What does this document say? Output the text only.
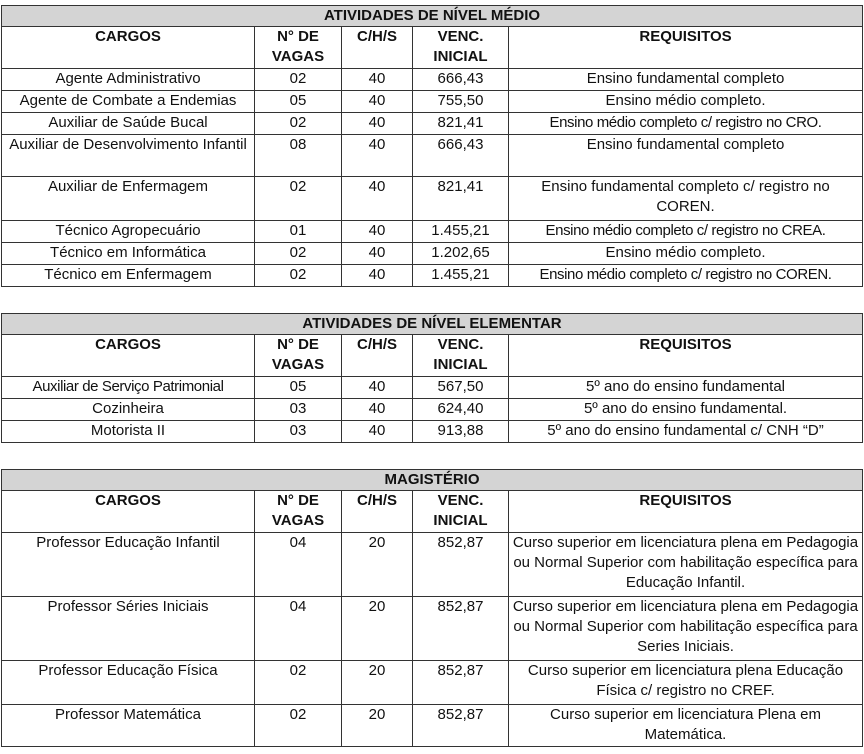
ATIVIDADES DE NÍVEL MÉDIO				
CARGOS	N° DE VAGAS	C/H/S	VENC. INICIAL	REQUISITOS
Agente Administrativo	02	40	666,43	Ensino fundamental completo
Agente de Combate a Endemias	05	40	755,50	Ensino médio completo.
Auxiliar de Saúde Bucal	02	40	821,41	Ensino médio completo c/ registro no CRO.
Auxiliar de Desenvolvimento Infantil	08	40	666,43	Ensino fundamental completo
Auxiliar de Enfermagem	02	40	821,41	Ensino fundamental completo c/ registro no COREN.
Técnico Agropecuário	01	40	1.455,21	Ensino médio completo c/ registro no CREA.
Técnico em Informática	02	40	1.202,65	Ensino médio completo.
Técnico em Enfermagem	02	40	1.455,21	Ensino médio completo c/ registro no COREN.
ATIVIDADES DE NÍVEL ELEMENTAR				
CARGOS	N° DE VAGAS	C/H/S	VENC. INICIAL	REQUISITOS
Auxiliar de Serviço Patrimonial	05	40	567,50	5º ano do ensino fundamental
Cozinheira	03	40	624,40	5º ano do ensino fundamental.
Motorista II	03	40	913,88	5º ano do ensino fundamental c/ CNH “D”
MAGISTÉRIO				
CARGOS	N° DE VAGAS	C/H/S	VENC. INICIAL	REQUISITOS
Professor Educação Infantil	04	20	852,87	Curso superior em licenciatura plena em Pedagogia ou Normal Superior com habilitação específica para Educação Infantil.
Professor Séries Iniciais	04	20	852,87	Curso superior em licenciatura plena em Pedagogia ou Normal Superior com habilitação específica para Series Iniciais.
Professor Educação Física	02	20	852,87	Curso superior em licenciatura plena Educação Física c/ registro no CREF.
Professor Matemática	02	20	852,87	Curso superior em licenciatura Plena em Matemática.
